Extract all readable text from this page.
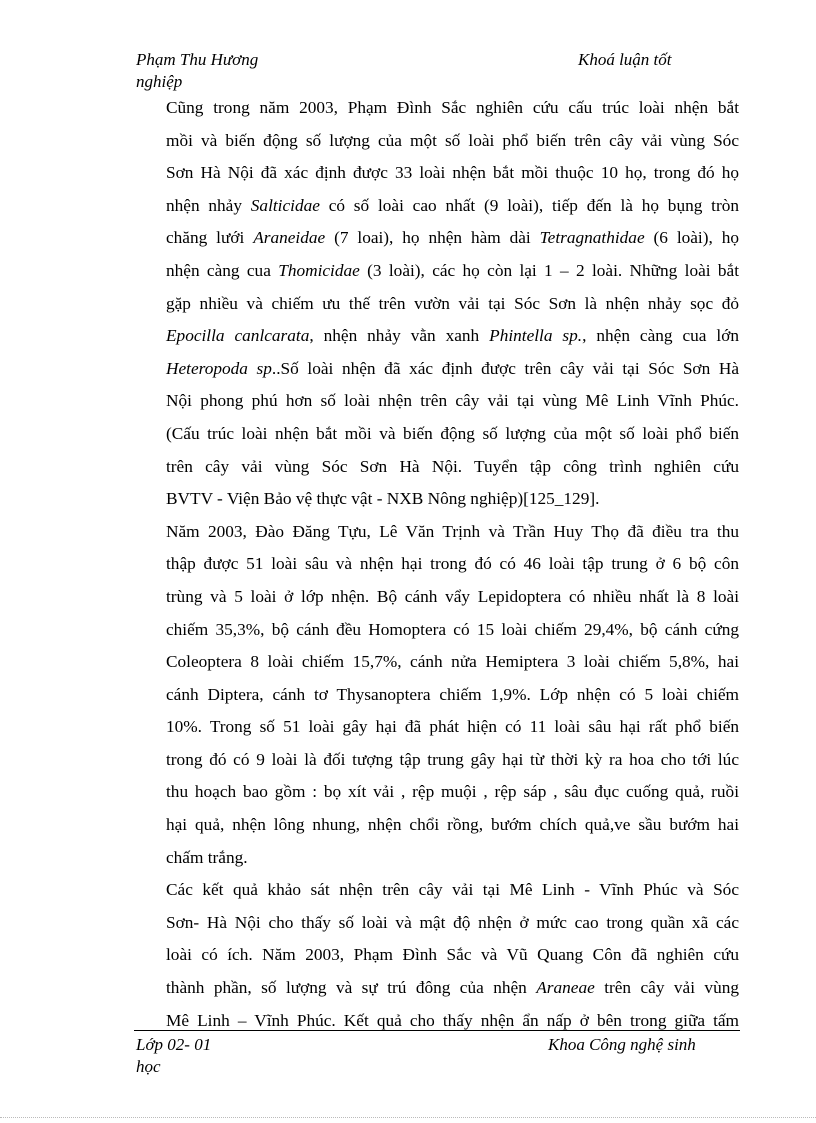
Phạm Thu Hương
nghiệp
Khoá luận tốt

Cũng trong năm 2003, Phạm Đình Sắc nghiên cứu cấu trúc loài nhện bắt
mồi và biến động số lượng của một số loài phổ biến trên cây vải vùng Sóc
Sơn Hà Nội đã xác định được 33 loài nhện bắt mồi thuộc 10 họ, trong đó họ
nhện nhảy Salticidae có số loài cao nhất (9 loài), tiếp đến là họ bụng tròn
chăng lưới Araneidae (7 loai), họ nhện hàm dài Tetragnathidae (6 loài), họ
nhện càng cua Thomicidae (3 loài), các họ còn lại 1 – 2 loài. Những loài bắt
gặp nhiều và chiếm ưu thế trên vườn vải tại Sóc Sơn là nhện nhảy sọc đỏ
Epocilla canlcarata, nhện nhảy vằn xanh Phintella sp., nhện càng cua lớn
Heteropoda sp..Số loài nhện đã xác định được trên cây vải tại Sóc Sơn Hà
Nội phong phú hơn số loài nhện trên cây vải tại vùng Mê Linh Vĩnh Phúc.
(Cấu trúc loài nhện bắt mồi và biến động số lượng của một số loài phổ biến
trên cây vải vùng Sóc Sơn Hà Nội. Tuyển tập công trình nghiên cứu
BVTV - Viện Bảo vệ thực vật - NXB Nông nghiệp)[125_129].

Năm 2003, Đào Đăng Tựu, Lê Văn Trịnh và Trần Huy Thọ đã điều tra thu
thập được 51 loài sâu và nhện hại trong đó có 46 loài tập trung ở 6 bộ côn
trùng và 5 loài ở lớp nhện. Bộ cánh vẩy Lepidoptera có nhiều nhất là 8 loài
chiếm 35,3%, bộ cánh đều Homoptera có 15 loài chiếm 29,4%, bộ cánh cứng
Coleoptera 8 loài chiếm 15,7%, cánh nửa Hemiptera 3 loài chiếm 5,8%, hai
cánh Diptera, cánh tơ Thysanoptera chiếm 1,9%. Lớp nhện có 5 loài chiếm
10%. Trong số 51 loài gây hại đã phát hiện có 11 loài sâu hại rất phổ biến
trong đó có 9 loài là đối tượng tập trung gây hại từ thời kỳ ra hoa cho tới lúc
thu hoạch bao gồm : bọ xít vải , rệp muội , rệp sáp , sâu đục cuống quả, ruồi
hại quả, nhện lông nhung, nhện chổi rồng, bướm chích quả,ve sầu bướm hai
chấm trắng.

Các kết quả khảo sát nhện trên cây vải tại Mê Linh - Vĩnh Phúc và Sóc
Sơn- Hà Nội cho thấy số loài và mật độ nhện ở mức cao trong quần xã các
loài có ích. Năm 2003, Phạm Đình Sắc và Vũ Quang Côn đã nghiên cứu
thành phần, số lượng và sự trú đông của nhện Araneae trên cây vải vùng
Mê Linh – Vĩnh Phúc. Kết quả cho thấy nhện ẩn nấp ở bên trong giữa tấm

Lớp 02- 01
học
Khoa Công nghệ sinh
